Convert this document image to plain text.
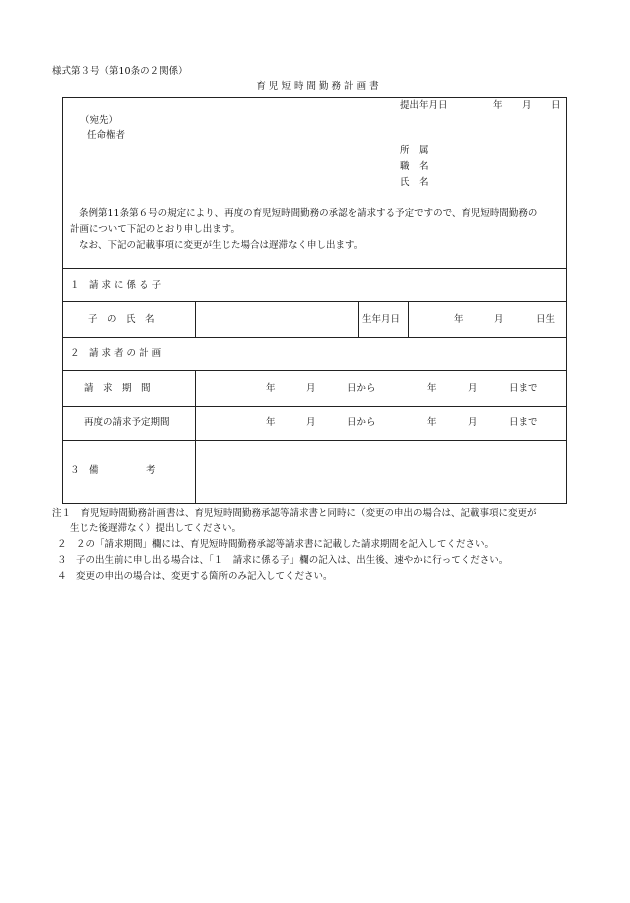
様式第３号（第10条の２関係）
育 児 短 時 間 勤 務 計 画 書
提出年月日	年 月 日
（宛先）
任命権者
所　属
職　名
氏　名
条例第11条第６号の規定により、再度の育児短時間勤務の承認を請求する予定ですので、育児短時間勤務の
計画について下記のとおり申し出ます。
なお、下記の記載事項に変更が生じた場合は遅滞なく申し出ます。
１　請 求 に 係 る 子
子　の　氏　名	生年月日	年	月	日生
２　請 求 者 の 計 画
請　求　期　間	年	月	日から	年	月	日まで
再度の請求予定期間	年	月	日から	年	月	日まで
３　備　　　　　考
注１　育児短時間勤務計画書は、育児短時間勤務承認等請求書と同時に（変更の申出の場合は、記載事項に変更が
生じた後遅滞なく）提出してください。
２　２の「請求期間」欄には、育児短時間勤務承認等請求書に記載した請求期間を記入してください。
３　子の出生前に申し出る場合は、「１　請求に係る子」欄の記入は、出生後、速やかに行ってください。
４　変更の申出の場合は、変更する箇所のみ記入してください。
